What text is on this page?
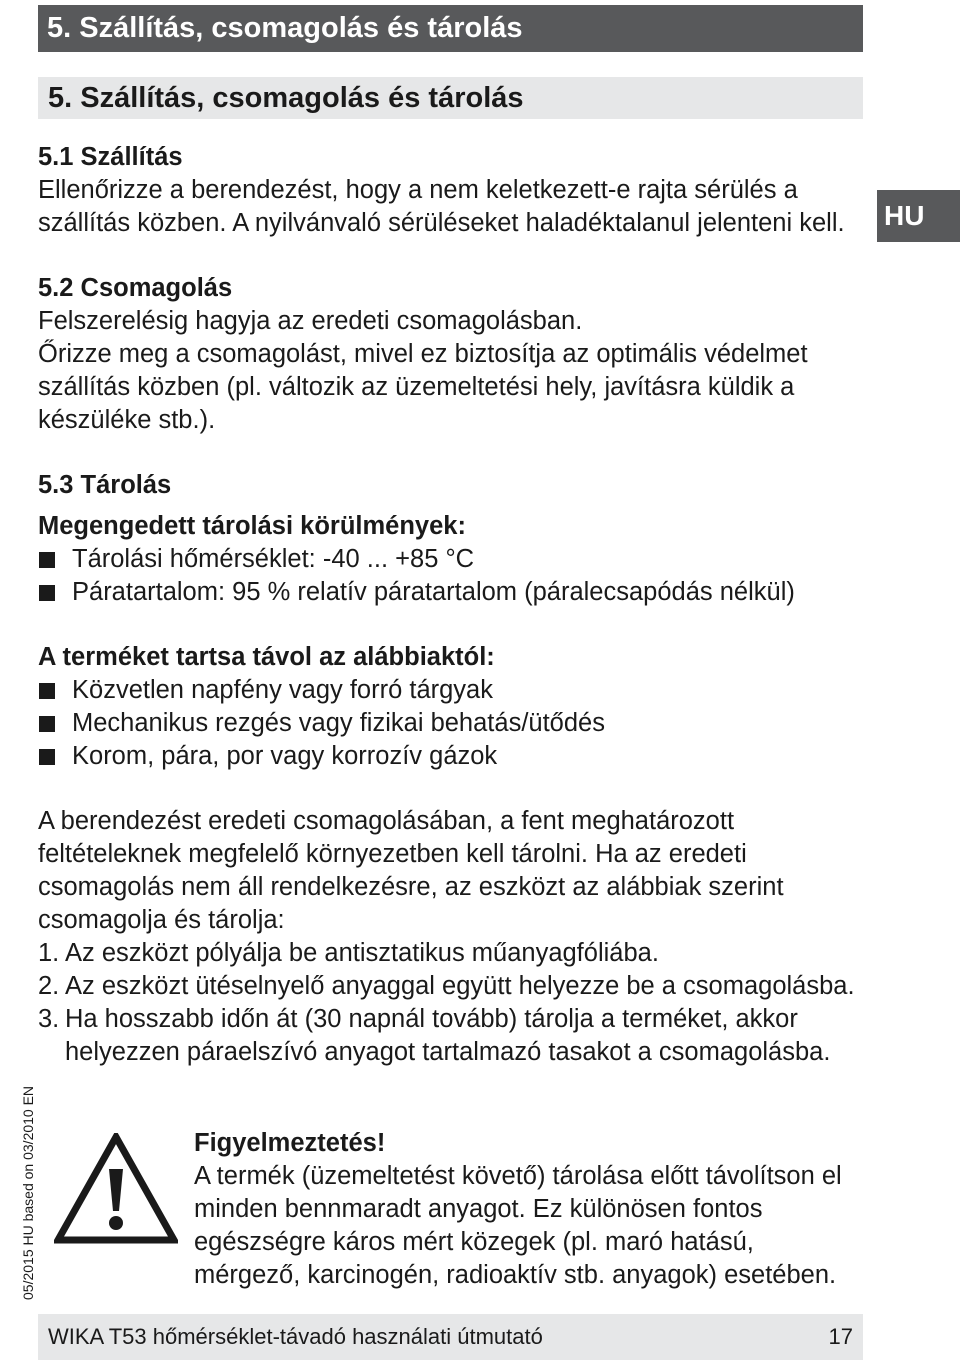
5. Szállítás, csomagolás és tárolás
5. Szállítás, csomagolás és tárolás
HU
05/2015 HU based on 03/2010 EN

5.1 Szállítás

Ellenőrizze a berendezést, hogy a nem keletkezett-e rajta sérülés a szállítás közben. A nyilvánvaló sérüléseket haladéktalanul jelenteni kell.

5.2 Csomagolás

Felszerelésig hagyja az eredeti csomagolásban.

Őrizze meg a csomagolást, mivel ez biztosítja az optimális védelmet szállítás közben (pl. változik az üzemeltetési hely, javításra küldik a készüléke stb.).

5.3 Tárolás

Megengedett tárolási körülmények:

Tárolási hőmérséklet: -40 ... +85 °C
Páratartalom: 95 % relatív páratartalom (páralecsapódás nélkül)

A terméket tartsa távol az alábbiaktól:

Közvetlen napfény vagy forró tárgyak
Mechanikus rezgés vagy fizikai behatás/ütődés
Korom, pára, por vagy korrozív gázok

A berendezést eredeti csomagolásában, a fent meghatározott feltételeknek megfelelő környezetben kell tárolni. Ha az eredeti csomagolás nem áll rendelkezésre, az eszközt az alábbiak szerint csomagolja és tárolja:

1. Az eszközt pólyálja be antisztatikus műanyagfóliába.
2. Az eszközt ütéselnyelő anyaggal együtt helyezze be a csomagolásba.
3. Ha hosszabb időn át (30 napnál tovább) tárolja a terméket, akkor helyezzen páraelszívó anyagot tartalmazó tasakot a csomagolásba.

Figyelmeztetés!

A termék (üzemeltetést követő) tárolása előtt távolítson el minden bennmaradt anyagot. Ez különösen fontos egészségre káros mért közegek (pl. maró hatású, mérgező, karcinogén, radioaktív stb. anyagok) esetében.

WIKA T53 hőmérséklet-távadó használati útmutató	17
